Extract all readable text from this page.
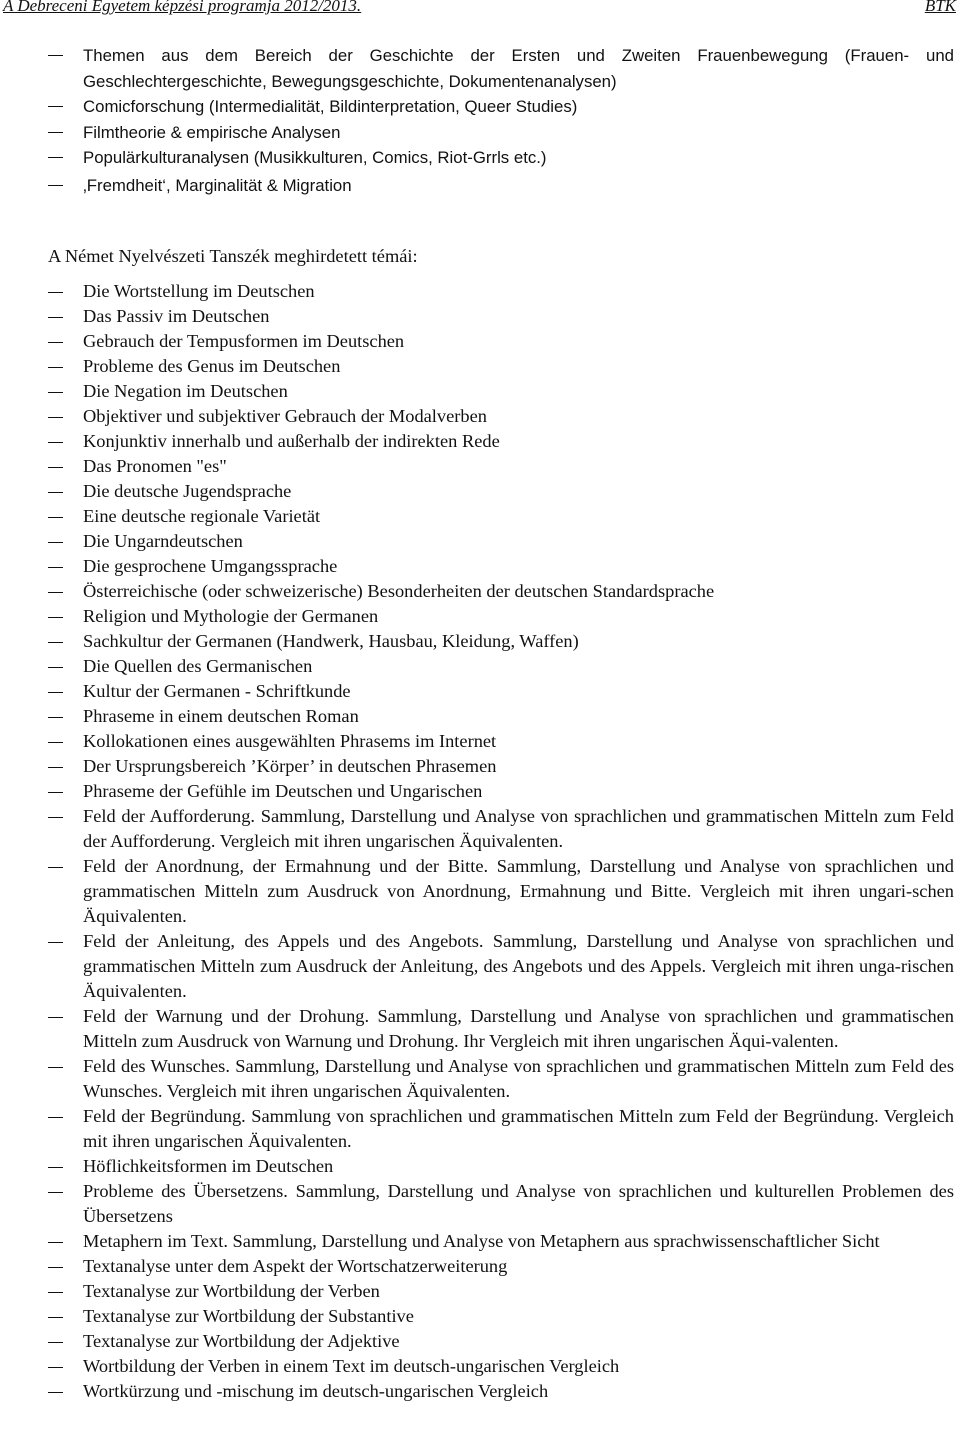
A Debreceni Egyetem képzési programja 2012/2013.	BTK
Themen aus dem Bereich der Geschichte der Ersten und Zweiten Frauenbewegung (Frauen- und Geschlechtergeschichte, Bewegungsgeschichte, Dokumentenanalysen)
Comicforschung (Intermedialität, Bildinterpretation, Queer Studies)
Filmtheorie & empirische Analysen
Populärkulturanalysen (Musikkulturen, Comics, Riot-Grrls etc.)
‚Fremdheit‘, Marginalität & Migration
A Német Nyelvészeti Tanszék meghirdetett témái:
Die Wortstellung im Deutschen
Das Passiv im Deutschen
Gebrauch der Tempusformen im Deutschen
Probleme des Genus im Deutschen
Die Negation im Deutschen
Objektiver und subjektiver Gebrauch der Modalverben
Konjunktiv innerhalb und außerhalb der indirekten Rede
Das Pronomen "es"
Die deutsche Jugendsprache
Eine deutsche regionale Varietät
Die Ungarndeutschen
Die gesprochene Umgangssprache
Österreichische (oder schweizerische) Besonderheiten der deutschen Standardsprache
Religion und Mythologie der Germanen
Sachkultur der Germanen (Handwerk, Hausbau, Kleidung, Waffen)
Die Quellen des Germanischen
Kultur der Germanen - Schriftkunde
Phraseme in einem deutschen Roman
Kollokationen eines ausgewählten Phrasems im Internet
Der Ursprungsbereich ’Körper’ in deutschen Phrasemen
Phraseme der Gefühle im Deutschen und Ungarischen
Feld der Aufforderung. Sammlung, Darstellung und Analyse von sprachlichen und grammatischen Mitteln zum Feld der Aufforderung. Vergleich mit ihren ungarischen Äquivalenten.
Feld der Anordnung, der Ermahnung und der Bitte. Sammlung, Darstellung und Analyse von sprachlichen und grammatischen Mitteln zum Ausdruck von Anordnung, Ermahnung und Bitte. Vergleich mit ihren ungari-schen Äquivalenten.
Feld der Anleitung, des Appels und des Angebots. Sammlung, Darstellung und Analyse von sprachlichen und grammatischen Mitteln zum Ausdruck der Anleitung, des Angebots und des Appels. Vergleich mit ihren unga-rischen Äquivalenten.
Feld der Warnung und der Drohung. Sammlung, Darstellung und Analyse von sprachlichen und grammatischen Mitteln zum Ausdruck von Warnung und Drohung. Ihr Vergleich mit ihren ungarischen Äqui-valenten.
Feld des Wunsches. Sammlung, Darstellung und Analyse von sprachlichen und grammatischen Mitteln zum Feld des Wunsches. Vergleich mit ihren ungarischen Äquivalenten.
Feld der Begründung. Sammlung von sprachlichen und grammatischen Mitteln zum Feld der Begründung. Vergleich mit ihren ungarischen Äquivalenten.
Höflichkeitsformen im Deutschen
Probleme des Übersetzens. Sammlung, Darstellung und Analyse von sprachlichen und kulturellen Problemen des Übersetzens
Metaphern im Text. Sammlung, Darstellung und Analyse von Metaphern aus sprachwissenschaftlicher Sicht
Textanalyse unter dem Aspekt der Wortschatzerweiterung
Textanalyse zur Wortbildung der Verben
Textanalyse zur Wortbildung der Substantive
Textanalyse zur Wortbildung der Adjektive
Wortbildung der Verben in einem Text im deutsch-ungarischen Vergleich
Wortkürzung und -mischung im deutsch-ungarischen Vergleich
